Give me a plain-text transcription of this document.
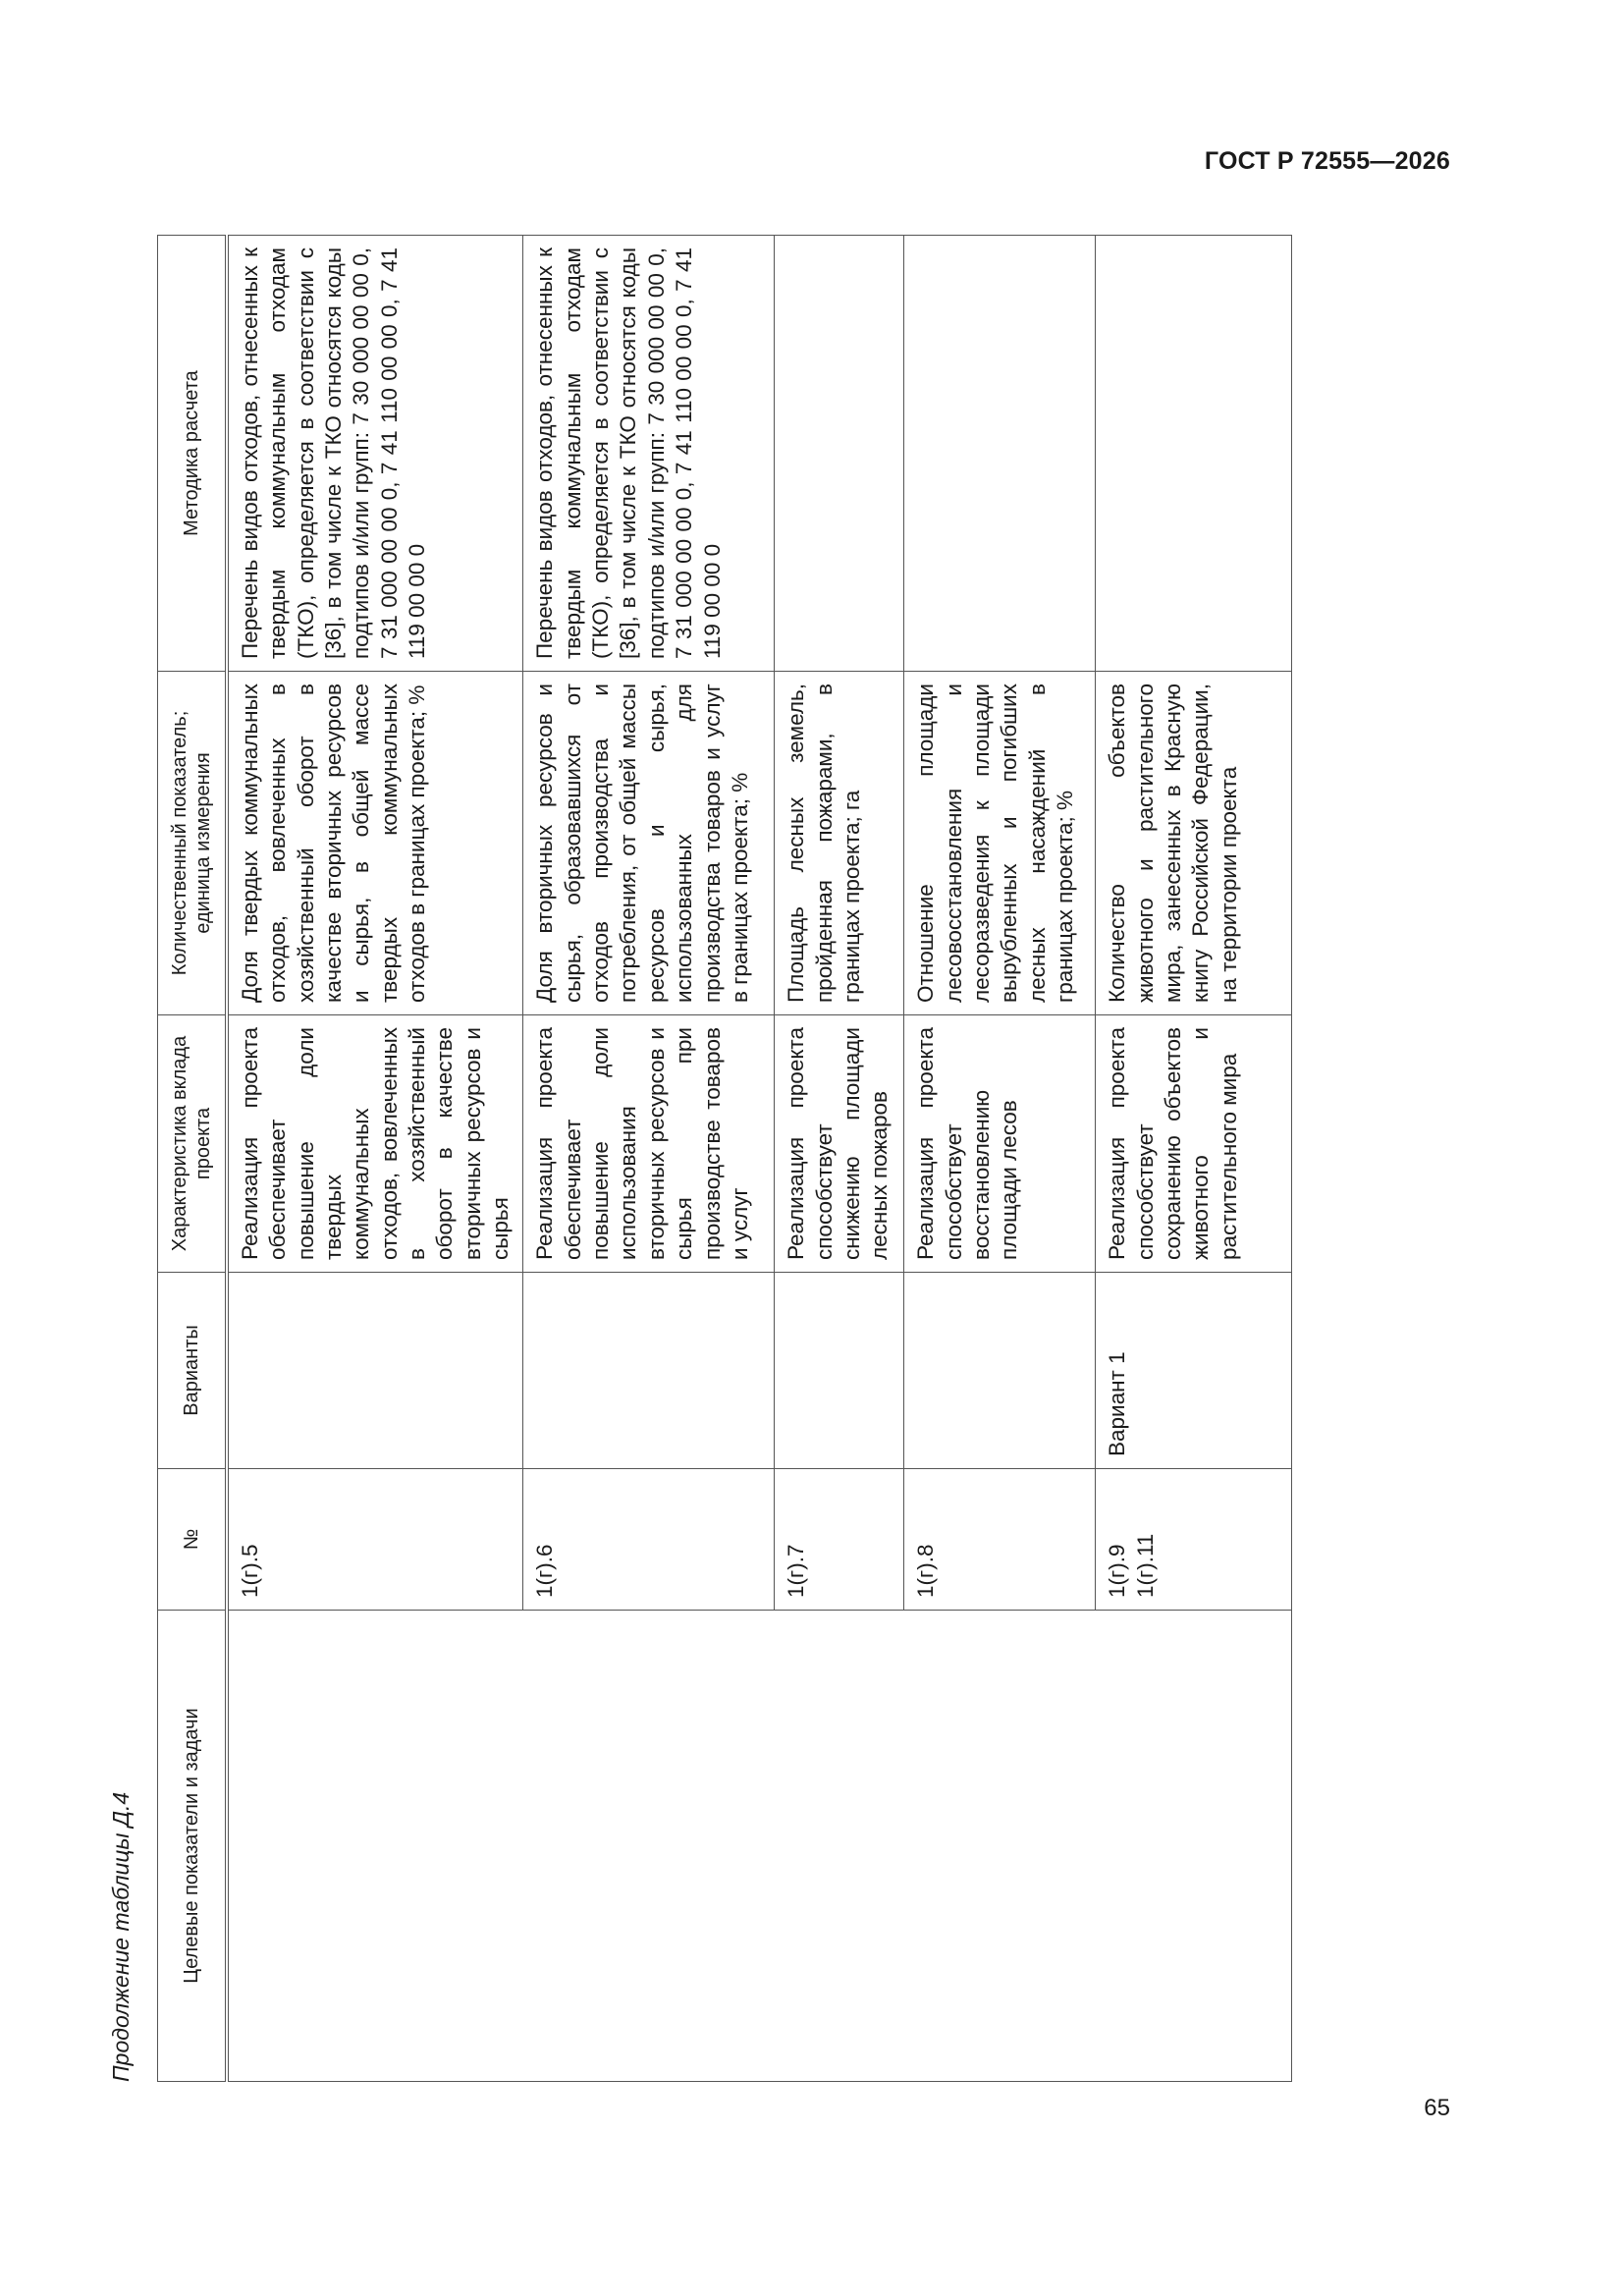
ГОСТ Р 72555—2026
65
Продолжение таблицы Д.4 Целевые показатели и задачи	№	Варианты	Характеристика вклада проекта	Количественный показатель; единица измерения	Методика расчета
	1(г).5		Реализация проекта обеспечивает повышение доли твердых коммунальных отходов, вовлеченных в хозяйственный оборот в качестве вторичных ресурсов и сырья	Доля твердых коммунальных отходов, вовлеченных в хозяйственный оборот в качестве вторичных ресурсов и сырья, в общей массе твердых коммунальных отходов в границах проекта; %	Перечень видов отходов, отнесенных к твердым коммунальным отходам (ТКО), определяется в соответствии с [36], в том числе к ТКО относятся коды подтипов и/или групп: 7 30 000 00 00 0, 7 31 000 00 00 0, 7 41 110 00 00 0, 7 41 119 00 00 0
	1(г).6		Реализация проекта обеспечивает повышение доли использования вторичных ресурсов и сырья при производстве товаров и услуг	Доля вторичных ресурсов и сырья, образовавшихся от отходов производства и потребления, от общей массы ресурсов и сырья, использованных для производства товаров и услуг в границах проекта; %	Перечень видов отходов, отнесенных к твердым коммунальным отходам (ТКО), определяется в соответствии с [36], в том числе к ТКО относятся коды подтипов и/или групп: 7 30 000 00 00 0, 7 31 000 00 00 0, 7 41 110 00 00 0, 7 41 119 00 00 0
	1(г).7		Реализация проекта способствует снижению площади лесных пожаров	Площадь лесных земель, пройденная пожарами, в границах проекта; га	
	1(г).8		Реализация проекта способствует восстановлению площади лесов	Отношение площади лесовосстановления и лесоразведения к площади вырубленных и погибших лесных насаждений в границах проекта; %	
	1(г).9 1(г).11	Вариант 1	Реализация проекта способствует сохранению объектов животного и растительного мира	Количество объектов животного и растительного мира, занесенных в Красную книгу Российской Федерации, на территории проекта	
